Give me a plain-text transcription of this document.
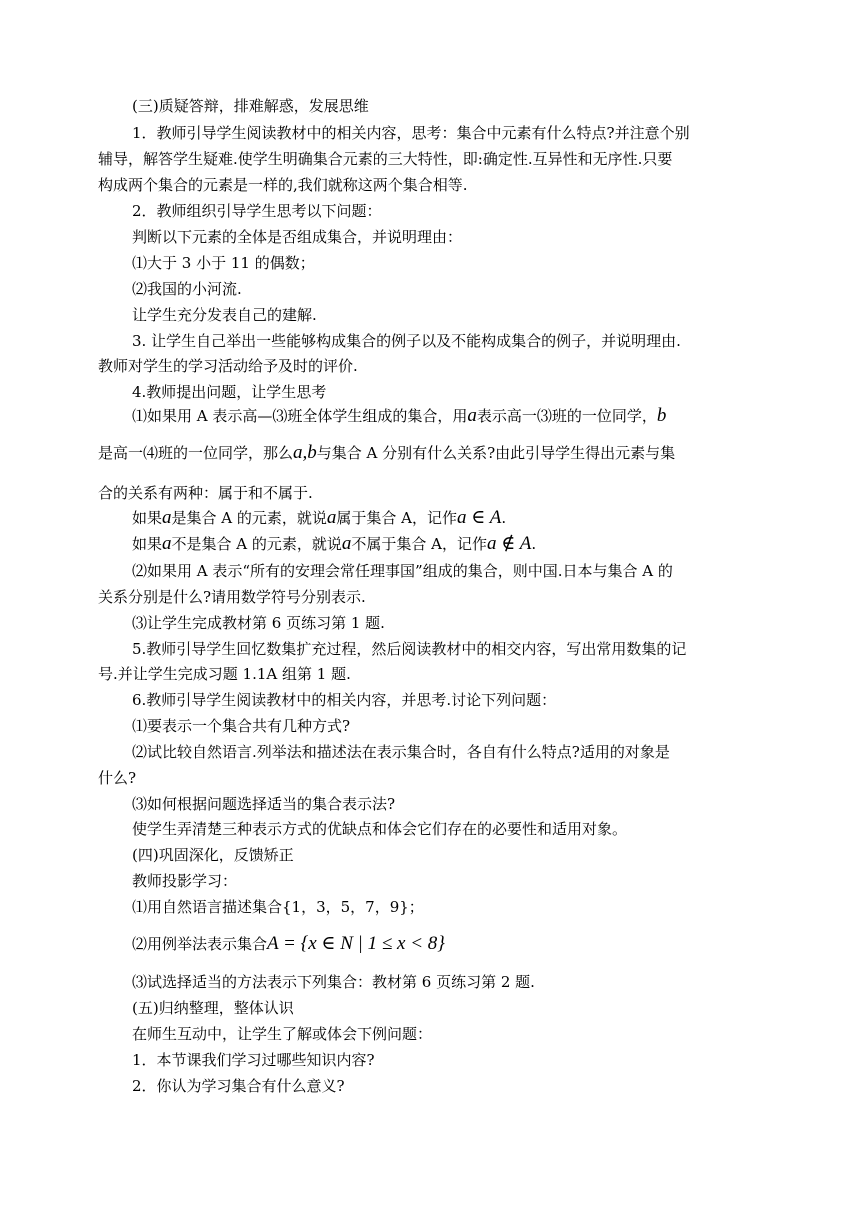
(三)质疑答辩，排难解惑，发展思维
1．教师引导学生阅读教材中的相关内容，思考：集合中元素有什么特点?并注意个别
辅导，解答学生疑难.使学生明确集合元素的三大特性，即:确定性.互异性和无序性.只要
构成两个集合的元素是一样的,我们就称这两个集合相等.
2．教师组织引导学生思考以下问题：
判断以下元素的全体是否组成集合，并说明理由：
⑴大于 3 小于 11 的偶数；
⑵我国的小河流.
让学生充分发表自己的建解.
3. 让学生自己举出一些能够构成集合的例子以及不能构成集合的例子，并说明理由.
教师对学生的学习活动给予及时的评价.
4.教师提出问题，让学生思考
⑴如果用 A 表示高—⑶班全体学生组成的集合，用a表示高一⑶班的一位同学，b
是高一⑷班的一位同学，那么a,b与集合 A 分别有什么关系?由此引导学生得出元素与集
合的关系有两种：属于和不属于.
如果a是集合 A 的元素，就说a属于集合 A，记作a ∈ A.
如果a不是集合 A 的元素，就说a不属于集合 A，记作a ∉ A.
⑵如果用 A 表示“所有的安理会常任理事国”组成的集合，则中国.日本与集合 A 的
关系分别是什么?请用数学符号分别表示.
⑶让学生完成教材第 6 页练习第 1 题.
5.教师引导学生回忆数集扩充过程，然后阅读教材中的相交内容，写出常用数集的记
号.并让学生完成习题 1.1A 组第 1 题.
6.教师引导学生阅读教材中的相关内容，并思考.讨论下列问题：
⑴要表示一个集合共有几种方式?
⑵试比较自然语言.列举法和描述法在表示集合时，各自有什么特点?适用的对象是
什么?
⑶如何根据问题选择适当的集合表示法?
使学生弄清楚三种表示方式的优缺点和体会它们存在的必要性和适用对象。
(四)巩固深化，反馈矫正
教师投影学习：
⑴用自然语言描述集合{1，3，5，7，9}；
⑵用例举法表示集合A = {x ∈ N | 1 ≤ x < 8}
⑶试选择适当的方法表示下列集合：教材第 6 页练习第 2 题.
(五)归纳整理，整体认识
在师生互动中，让学生了解或体会下例问题：
1．本节课我们学习过哪些知识内容?
2．你认为学习集合有什么意义?
